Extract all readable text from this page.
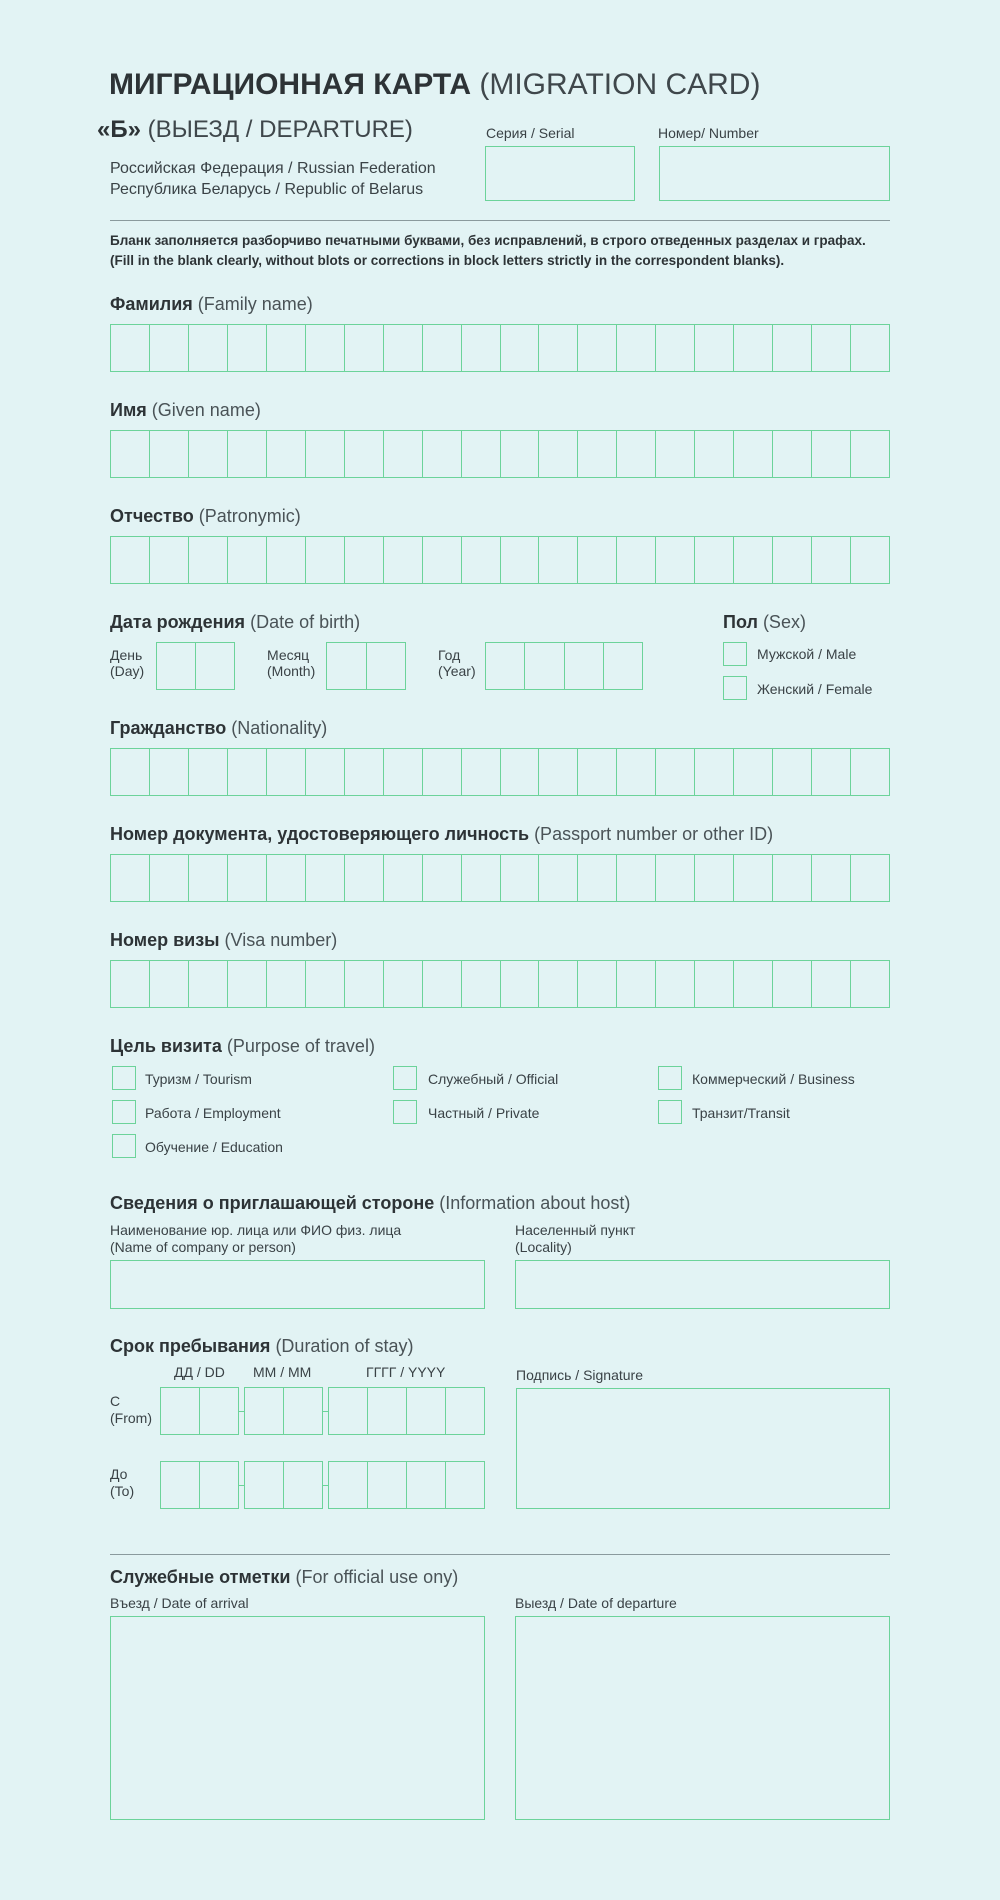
МИГРАЦИОННАЯ КАРТА (MIGRATION CARD)
«Б» (ВЫЕЗД / DEPARTURE)
Российская Федерация / Russian Federation
Республика Беларусь / Republic of Belarus
Серия / Serial	Номер/ Number
Бланк заполняется разборчиво печатными буквами, без исправлений, в строго отведенных разделах и графах.
(Fill in the blank clearly, without blots or corrections in block letters strictly in the correspondent blanks).
Фамилия (Family name)
Имя (Given name)
Отчество (Patronymic)
Дата рождения (Date of birth)
День
(Day)
Месяц
(Month)
Год
(Year)
Пол (Sex)
Мужской / Male
Женский / Female
Гражданство (Nationality)
Номер документа, удостоверяющего личность (Passport number or other ID)
Номер визы (Visa number)
Цель визита (Purpose of travel)
Туризм / Tourism	Служебный / Official	Коммерческий / Business
Работа / Employment	Частный / Private	Транзит/Transit
Обучение / Education
Сведения о приглашающей стороне (Information about host)
Наименование юр. лица или ФИО физ. лица
(Name of company or person)
Населенный пункт
(Locality)
Срок пребывания (Duration of stay)
ДД / DD ММ / MM	ГГГГ / YYYY
С
(From)
До
(To)
Подпись / Signature
Служебные отметки (For official use ony)
Въезд / Date of arrival	Выезд / Date of departure
